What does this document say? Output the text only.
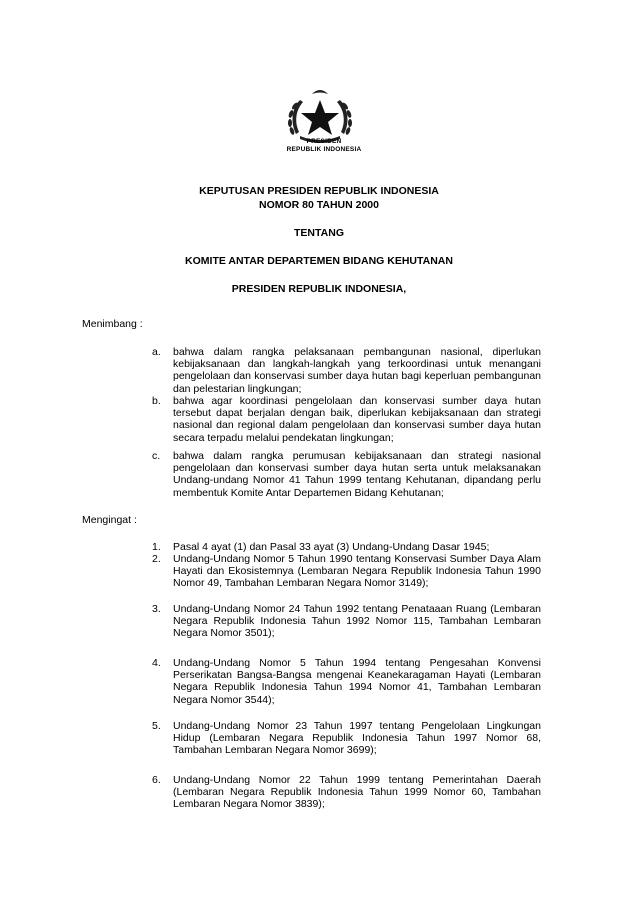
PRESIDEN
REPUBLIK INDONESIA
KEPUTUSAN PRESIDEN REPUBLIK INDONESIA
NOMOR 80 TAHUN 2000
TENTANG
KOMITE ANTAR DEPARTEMEN BIDANG KEHUTANAN
PRESIDEN REPUBLIK INDONESIA,
Menimbang :
a.	bahwa dalam rangka pelaksanaan pembangunan nasional, diperlukan kebijaksanaan dan langkah-langkah yang terkoordinasi untuk menangani pengelolaan dan konservasi sumber daya hutan bagi keperluan pembangunan dan pelestarian lingkungan;
b.	bahwa agar koordinasi pengelolaan dan konservasi sumber daya hutan tersebut dapat berjalan dengan baik, diperlukan kebijaksanaan dan strategi nasional dan regional dalam pengelolaan dan konservasi sumber daya hutan secara terpadu melalui pendekatan lingkungan;
c.	bahwa dalam rangka perumusan kebijaksanaan dan strategi nasional pengelolaan dan konservasi sumber daya hutan serta untuk melaksanakan Undang-undang Nomor 41 Tahun 1999 tentang Kehutanan, dipandang perlu membentuk Komite Antar Departemen Bidang Kehutanan;
Mengingat :
1.	Pasal 4 ayat (1) dan Pasal 33 ayat (3) Undang-Undang Dasar 1945;
2.	Undang-Undang Nomor 5 Tahun 1990 tentang Konservasi Sumber Daya Alam Hayati dan Ekosistemnya (Lembaran Negara Republik Indonesia Tahun 1990 Nomor 49, Tambahan Lembaran Negara Nomor 3149);
3.	Undang-Undang Nomor 24 Tahun 1992 tentang Penataaan Ruang (Lembaran Negara Republik Indonesia Tahun 1992 Nomor 115, Tambahan Lembaran Negara Nomor 3501);
4.	Undang-Undang Nomor 5 Tahun 1994 tentang Pengesahan Konvensi Perserikatan Bangsa-Bangsa mengenai Keanekaragaman Hayati (Lembaran Negara Republik Indonesia Tahun 1994 Nomor 41, Tambahan Lembaran Negara Nomor 3544);
5.	Undang-Undang Nomor 23 Tahun 1997 tentang Pengelolaan Lingkungan Hidup (Lembaran Negara Republik Indonesia Tahun 1997 Nomor 68, Tambahan Lembaran Negara Nomor 3699);
6.	Undang-Undang Nomor 22 Tahun 1999 tentang Pemerintahan Daerah (Lembaran Negara Republik Indonesia Tahun 1999 Nomor 60, Tambahan Lembaran Negara Nomor 3839);
